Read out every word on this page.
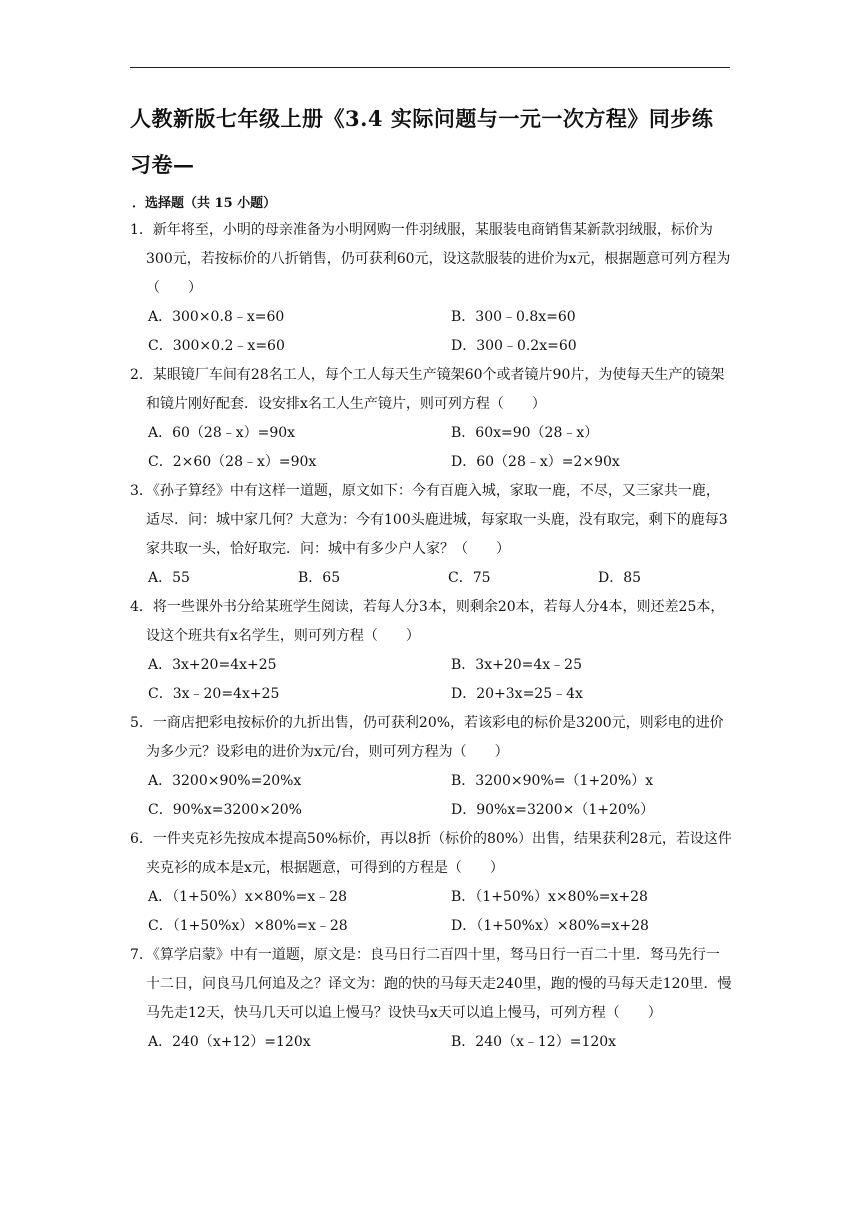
人教新版七年级上册《3.4 实际问题与一元一次方程》同步练习卷—
．选择题（共 15 小题）
1．新年将至，小明的母亲准备为小明网购一件羽绒服，某服装电商销售某新款羽绒服，标价为300元，若按标价的八折销售，仍可获利60元，设这款服装的进价为x元，根据题意可列方程为（　　）
A．300×0.8﹣x=60	B．300﹣0.8x=60
C．300×0.2﹣x=60	D．300﹣0.2x=60
2．某眼镜厂车间有28名工人，每个工人每天生产镜架60个或者镜片90片，为使每天生产的镜架和镜片刚好配套．设安排x名工人生产镜片，则可列方程（　　）
A．60（28﹣x）=90x	B．60x=90（28﹣x）
C．2×60（28﹣x）=90x	D．60（28﹣x）=2×90x
3．《孙子算经》中有这样一道题，原文如下：今有百鹿入城，家取一鹿，不尽，又三家共一鹿，适尽．问：城中家几何？大意为：今有100头鹿进城，每家取一头鹿，没有取完，剩下的鹿每3家共取一头，恰好取完．问：城中有多少户人家？（　　）
A．55	B．65	C．75	D．85
4．将一些课外书分给某班学生阅读，若每人分3本，则剩余20本，若每人分4本，则还差25本，设这个班共有x名学生，则可列方程（　　）
A．3x+20=4x+25	B．3x+20=4x﹣25
C．3x﹣20=4x+25	D．20+3x=25﹣4x
5．一商店把彩电按标价的九折出售，仍可获利20%，若该彩电的标价是3200元，则彩电的进价为多少元？设彩电的进价为x元/台，则可列方程为（　　）
A．3200×90%=20%x	B．3200×90%=（1+20%）x
C．90%x=3200×20%	D．90%x=3200×（1+20%）
6．一件夹克衫先按成本提高50%标价，再以8折（标价的80%）出售，结果获利28元，若设这件夹克衫的成本是x元，根据题意，可得到的方程是（　　）
A．（1+50%）x×80%=x﹣28	B．（1+50%）x×80%=x+28
C．（1+50%x）×80%=x﹣28	D．（1+50%x）×80%=x+28
7．《算学启蒙》中有一道题，原文是：良马日行二百四十里，驽马日行一百二十里．驽马先行一十二日，问良马几何追及之？译文为：跑的快的马每天走240里，跑的慢的马每天走120里．慢马先走12天，快马几天可以追上慢马？设快马x天可以追上慢马，可列方程（　　）
A．240（x+12）=120x	B．240（x﹣12）=120x
